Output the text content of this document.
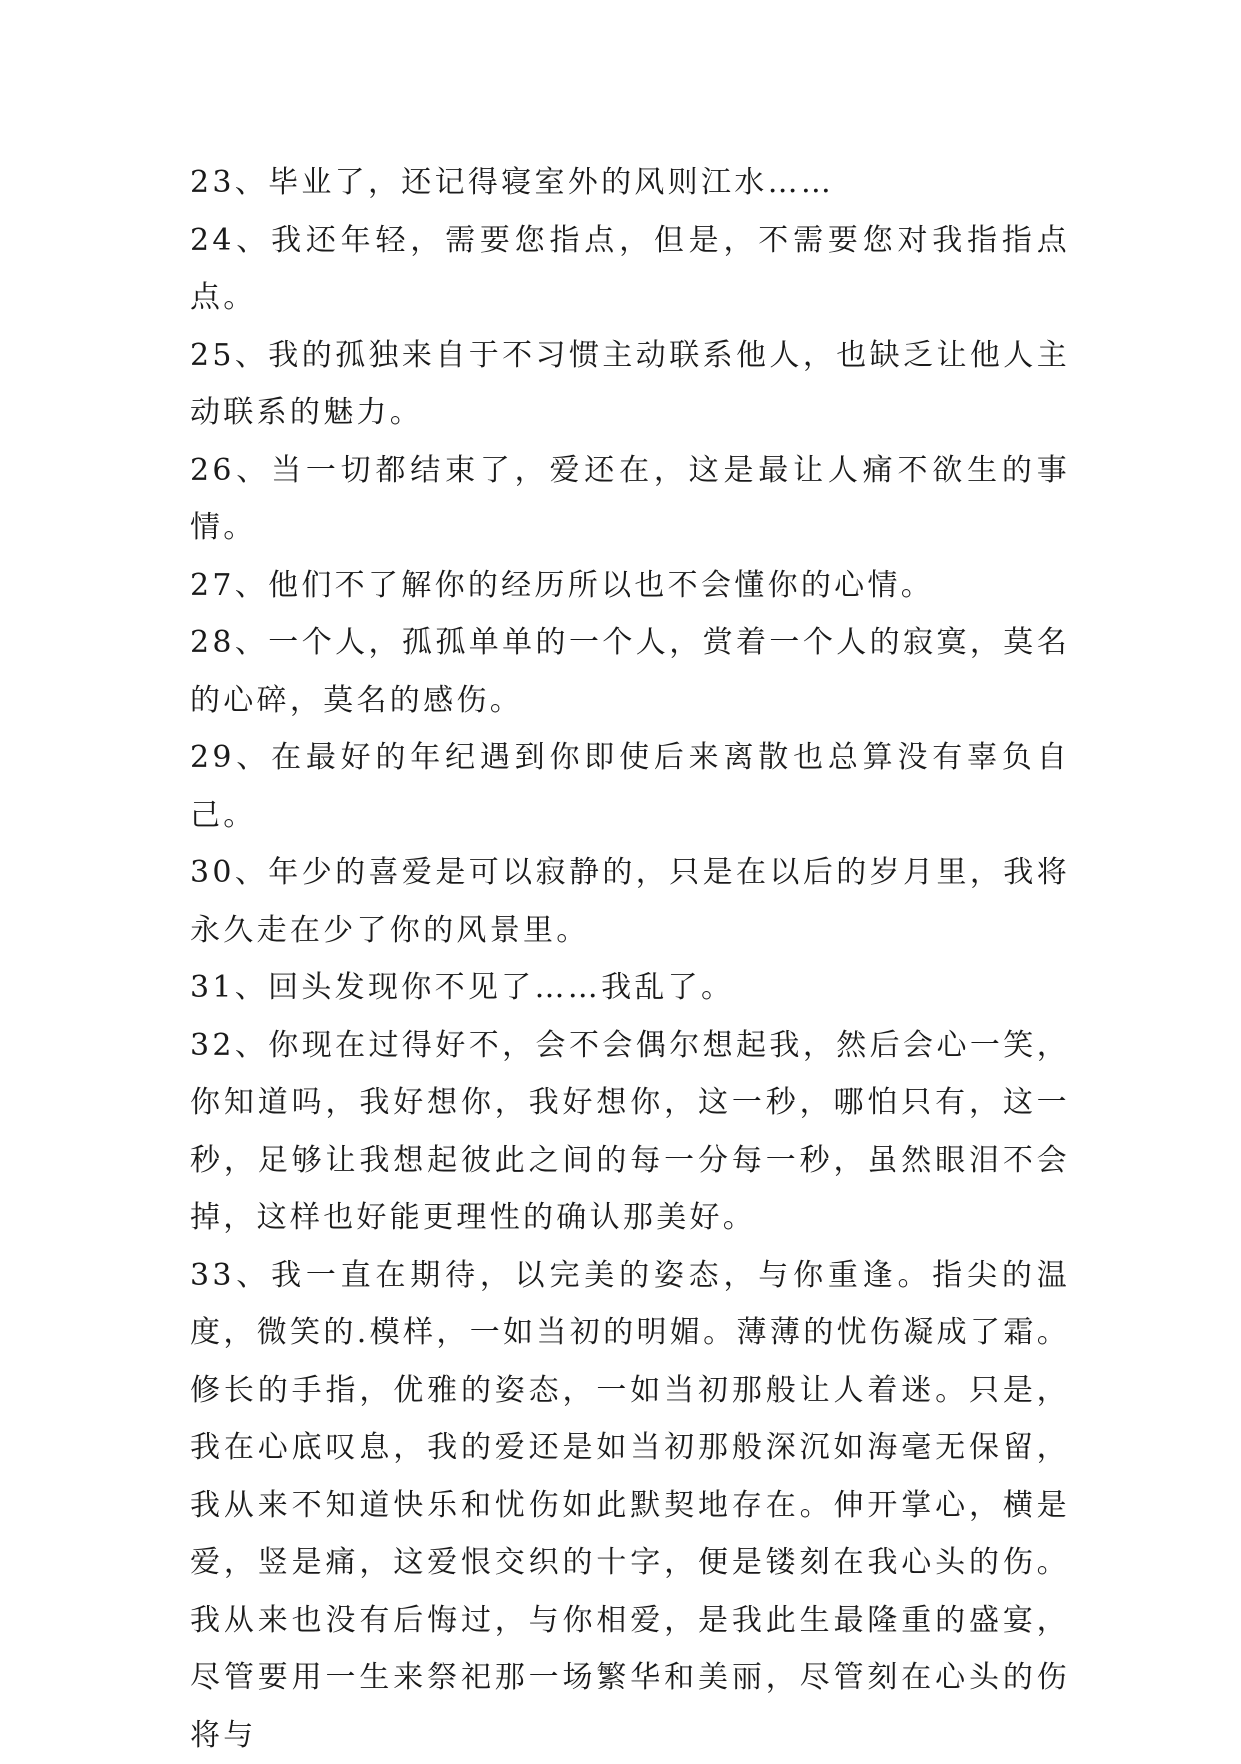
23、毕业了，还记得寝室外的风则江水……

24、我还年轻，需要您指点，但是，不需要您对我指指点点。

25、我的孤独来自于不习惯主动联系他人，也缺乏让他人主动联系的魅力。

26、当一切都结束了，爱还在，这是最让人痛不欲生的事情。

27、他们不了解你的经历所以也不会懂你的心情。

28、一个人，孤孤单单的一个人，赏着一个人的寂寞，莫名的心碎，莫名的感伤。

29、在最好的年纪遇到你即使后来离散也总算没有辜负自己。

30、年少的喜爱是可以寂静的，只是在以后的岁月里，我将永久走在少了你的风景里。

31、回头发现你不见了……我乱了。

32、你现在过得好不，会不会偶尔想起我，然后会心一笑，你知道吗，我好想你，我好想你，这一秒，哪怕只有，这一秒，足够让我想起彼此之间的每一分每一秒，虽然眼泪不会掉，这样也好能更理性的确认那美好。

33、我一直在期待，以完美的姿态，与你重逢。指尖的温度，微笑的.模样，一如当初的明媚。薄薄的忧伤凝成了霜。修长的手指，优雅的姿态，一如当初那般让人着迷。只是，我在心底叹息，我的爱还是如当初那般深沉如海毫无保留，我从来不知道快乐和忧伤如此默契地存在。伸开掌心，横是爱，竖是痛，这爱恨交织的十字，便是镂刻在我心头的伤。我从来也没有后悔过，与你相爱，是我此生最隆重的盛宴，尽管要用一生来祭祀那一场繁华和美丽，尽管刻在心头的伤将与
